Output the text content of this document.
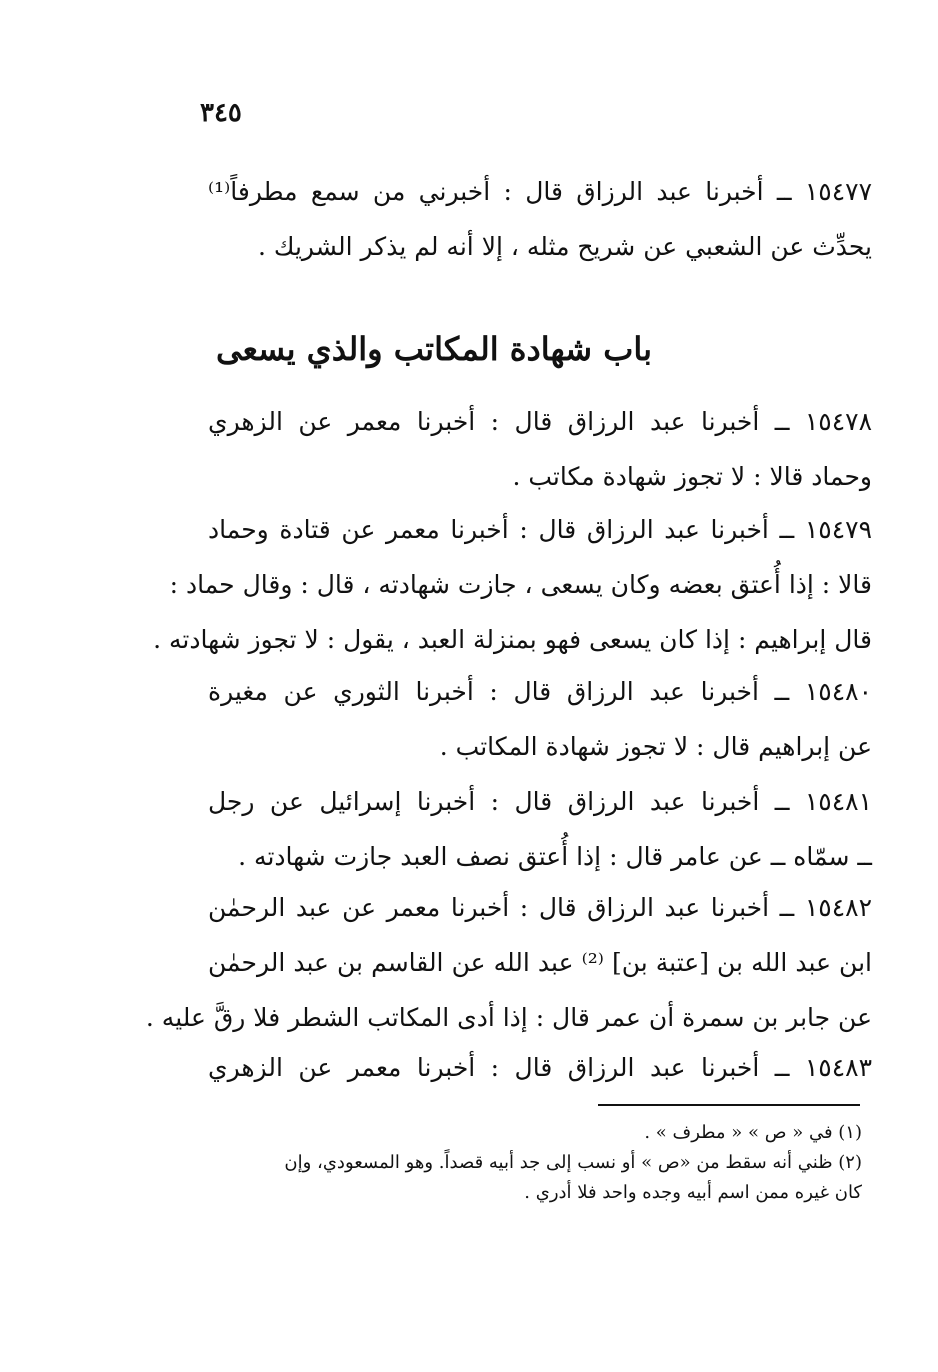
٣٤٥
١٥٤٧٧ ــ أخبرنا عبد الرزاق قال : أخبرني من سمع مطرفاً⁽¹⁾
يحدِّث عن الشعبي عن شريح مثله ، إلا أنه لم يذكر الشريك .
باب شهادة المكاتب والذي يسعى
١٥٤٧٨ ــ أخبرنا عبد الرزاق قال : أخبرنا معمر عن الزهري
وحماد قالا : لا تجوز شهادة مكاتب .
١٥٤٧٩ ــ أخبرنا عبد الرزاق قال : أخبرنا معمر عن قتادة وحماد
قالا : إذا أُعتق بعضه وكان يسعى ، جازت شهادته ، قال : وقال حماد :
قال إبراهيم : إذا كان يسعى فهو بمنزلة العبد ، يقول : لا تجوز شهادته .
١٥٤٨٠ ــ أخبرنا عبد الرزاق قال : أخبرنا الثوري عن مغيرة
عن إبراهيم قال : لا تجوز شهادة المكاتب .
١٥٤٨١ ــ أخبرنا عبد الرزاق قال : أخبرنا إسرائيل عن رجل
ــ سمّاه ــ عن عامر قال : إذا أُعتق نصف العبد جازت شهادته .
١٥٤٨٢ ــ أخبرنا عبد الرزاق قال : أخبرنا معمر عن عبد الرحمٰن
ابن عبد الله بن [عتبة بن] ⁽²⁾ عبد الله عن القاسم بن عبد الرحمٰن
عن جابر بن سمرة أن عمر قال : إذا أدى المكاتب الشطر فلا رقَّ عليه .
١٥٤٨٣ ــ أخبرنا عبد الرزاق قال : أخبرنا معمر عن الزهري
(١) في « ص » « مطرف » .
(٢) ظني أنه سقط من «ص » أو نسب إلى جد أبيه قصداً. وهو المسعودي، وإن
كان غيره ممن اسم أبيه وجده واحد فلا أدري .
